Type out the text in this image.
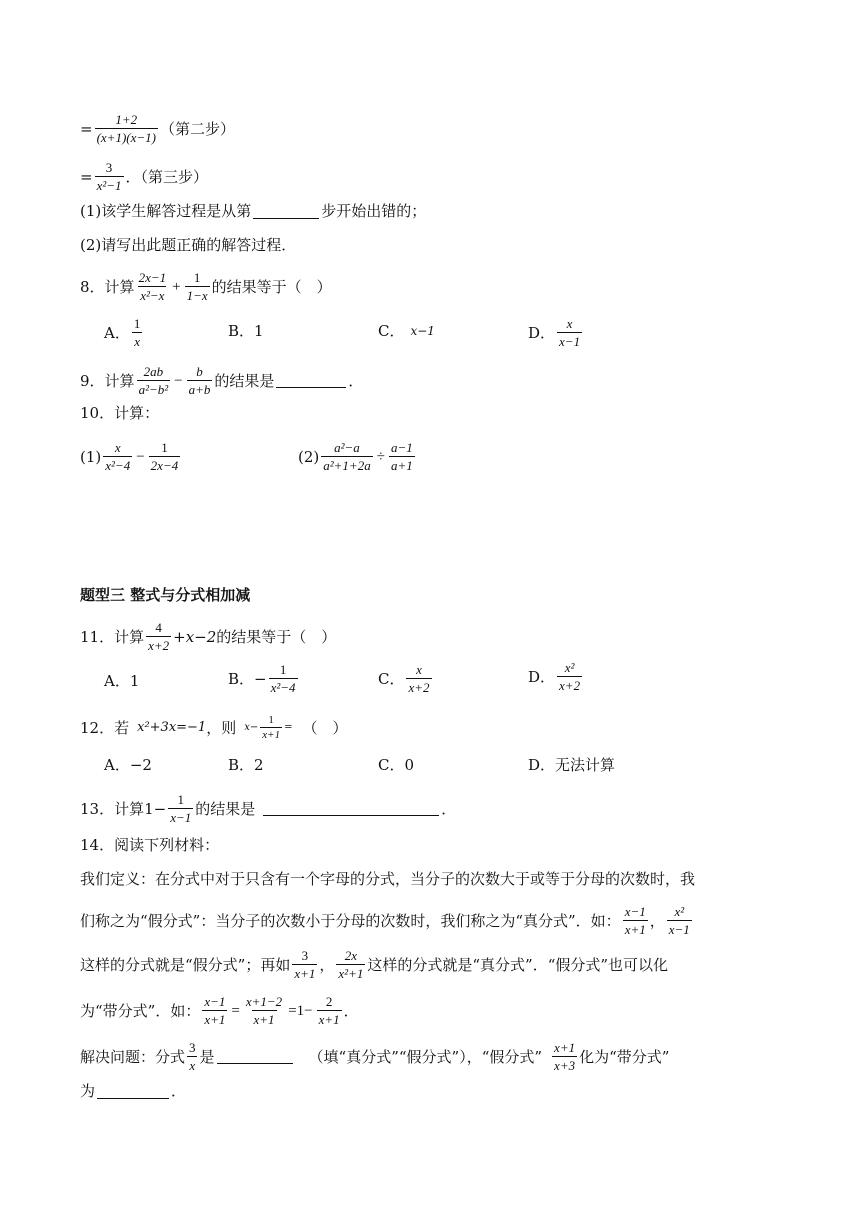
= $\frac{1+2}{(x+1)(x-1)}$ （第二步）
= $\frac{3}{\text{x²−1}}$ ．（第三步）
(1)该学生解答过程是从第	步开始出错的；
(2)请写出此题正确的解答过程．
8． 计算 2x−1
x²−x
+ $\frac{1}{1-x}$ 的结果等于（　）
A．
1
x
B． 1	C． x−1	D．
x
x−1
9． 计算 2ab
a²−b²
− $\frac{b}{a+b}$ 的结果是	．
10． 计算：
(1) x
x²−4
− $\frac{1}{2x-4}$	$(2) \frac{\text{a²−a}}{\text{a²+1+2a}} \div \frac{a-1}{a+1}$
题型三 整式与分式相加减
11． 计算 4
x+2 +x−2 的结果等于（　）
A． 1	B． − $\frac{1}{\text{x²−4}}$	C．
x
x+2
D．
x²
x+2
12． 若 x²+3x=−1 ，则 $x- \frac{1}{x+1}$ = （　）
A． −2	B． 2	C． 0	D． 无法计算
13． 计算$1- \frac{1}{x-1}$ 的结果是	．
14． 阅读下列材料：
我们定义：在分式中对于只含有一个字母的分式，当分子的次数大于或等于分母的次数时，我
们称之为“假分式”：当分子的次数小于分母的次数时，我们称之为“真分式”．如： x−1
x+1 ， x²
x−1
这样的分式就是“假分式”；再如 3
x+1 ， 2x
x²+1 这样的分式就是“真分式”．“假分式”也可以化
为“带分式”．如： $\frac{x-1}{x+1} = \frac{x+1-2}{x+1} =1- \frac{2}{x+1}$ ．
解决问题：分式 3
x 是	（填“真分式”“假分式”），“假分式” x+1
x+3 化为“带分式”
为	．
